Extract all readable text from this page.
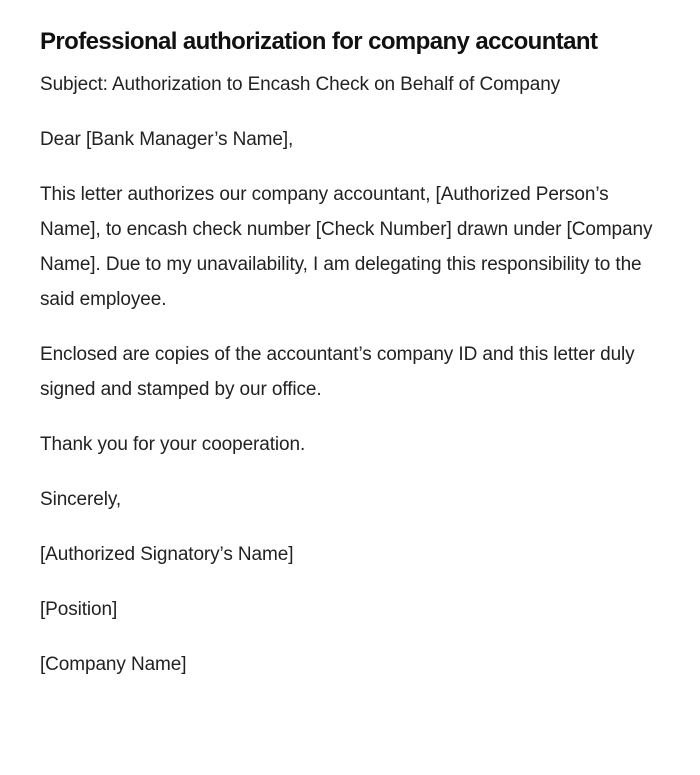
Professional authorization for company accountant

Subject: Authorization to Encash Check on Behalf of Company

Dear [Bank Manager’s Name],

This letter authorizes our company accountant, [Authorized Person’s Name], to encash check number [Check Number] drawn under [Company Name]. Due to my unavailability, I am delegating this responsibility to the said employee.

Enclosed are copies of the accountant’s company ID and this letter duly signed and stamped by our office.

Thank you for your cooperation.

Sincerely,

[Authorized Signatory’s Name]

[Position]

[Company Name]
